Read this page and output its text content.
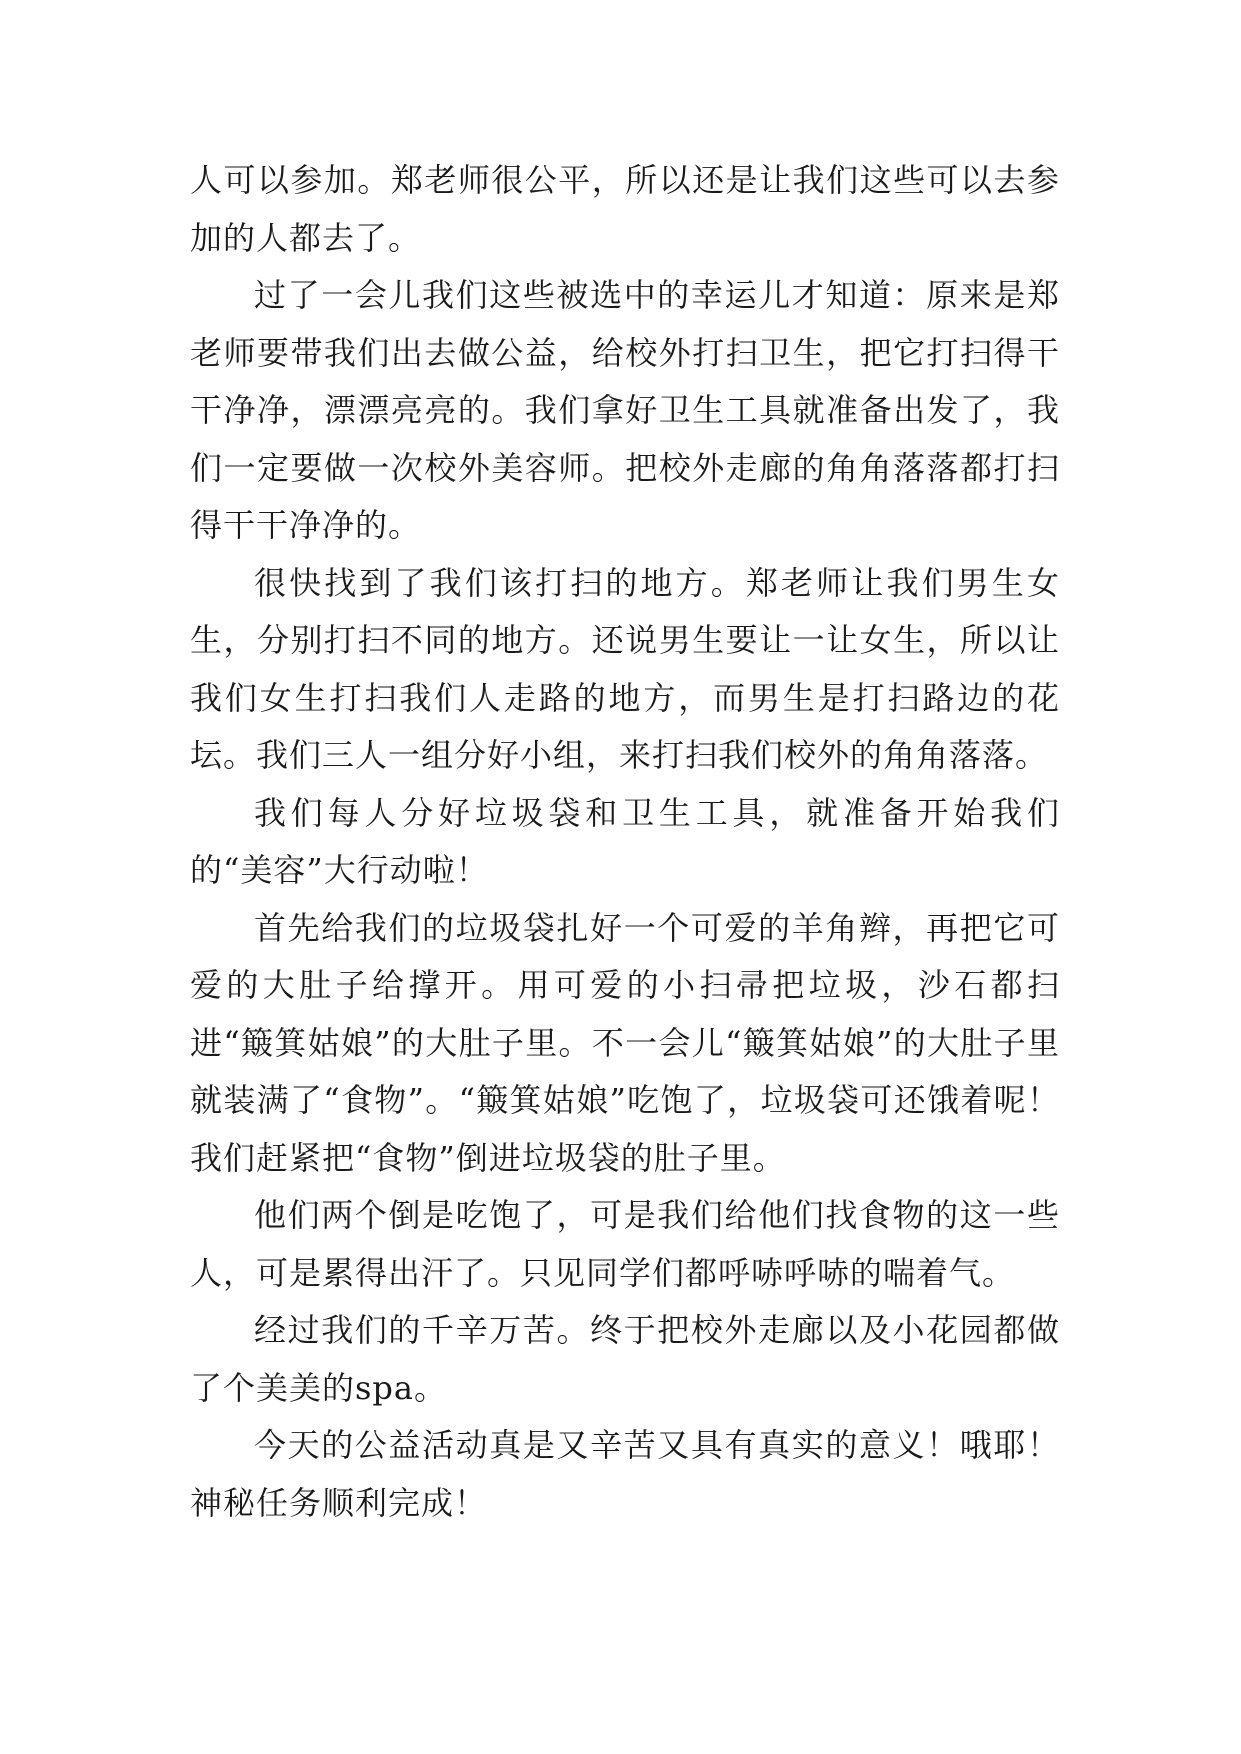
人可以参加。郑老师很公平，所以还是让我们这些可以去参加的人都去了。

过了一会儿我们这些被选中的幸运儿才知道：原来是郑老师要带我们出去做公益，给校外打扫卫生，把它打扫得干干净净，漂漂亮亮的。我们拿好卫生工具就准备出发了，我们一定要做一次校外美容师。把校外走廊的角角落落都打扫得干干净净的。

很快找到了我们该打扫的地方。郑老师让我们男生女生，分别打扫不同的地方。还说男生要让一让女生，所以让我们女生打扫我们人走路的地方，而男生是打扫路边的花坛。我们三人一组分好小组，来打扫我们校外的角角落落。

我们每人分好垃圾袋和卫生工具，就准备开始我们的“美容”大行动啦！

首先给我们的垃圾袋扎好一个可爱的羊角辫，再把它可爱的大肚子给撑开。用可爱的小扫帚把垃圾，沙石都扫进“簸箕姑娘”的大肚子里。不一会儿“簸箕姑娘”的大肚子里就装满了“食物”。“簸箕姑娘”吃饱了，垃圾袋可还饿着呢！我们赶紧把“食物”倒进垃圾袋的肚子里。

他们两个倒是吃饱了，可是我们给他们找食物的这一些人，可是累得出汗了。只见同学们都呼哧呼哧的喘着气。

经过我们的千辛万苦。终于把校外走廊以及小花园都做了个美美的spa。

今天的公益活动真是又辛苦又具有真实的意义！哦耶！神秘任务顺利完成！
